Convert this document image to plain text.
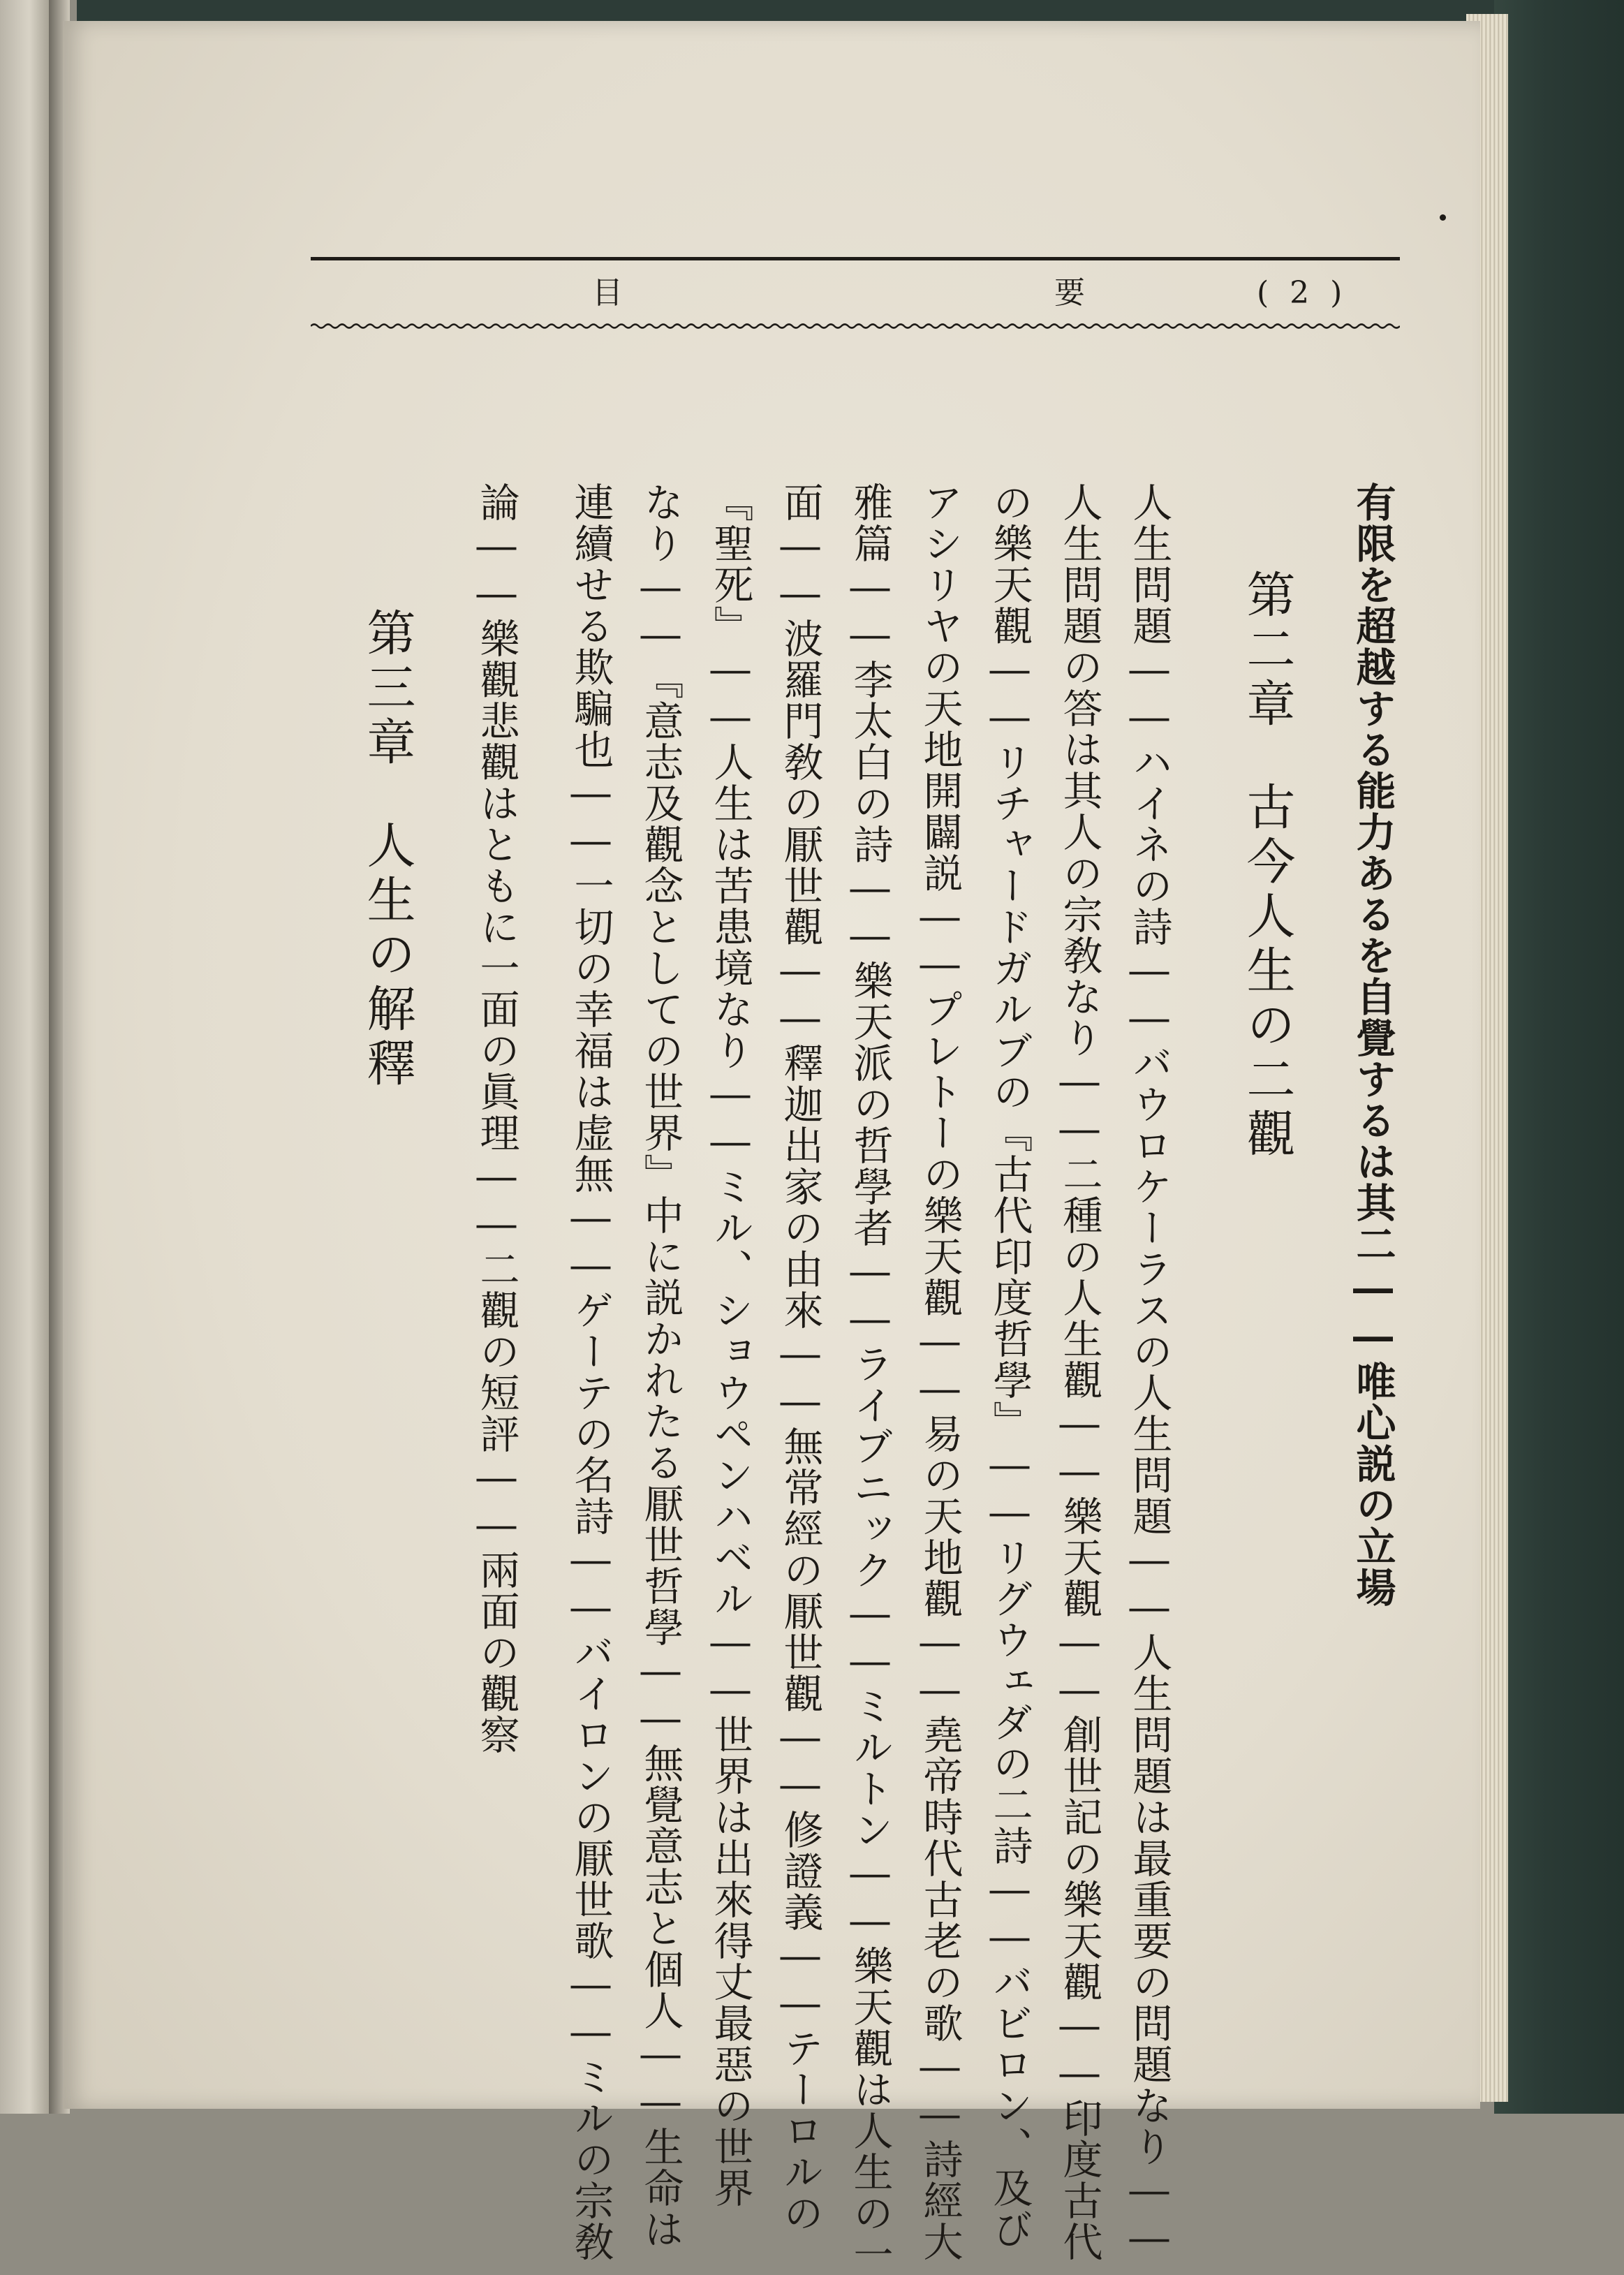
目	要	( 2 )
有限を超越する能力あるを自覺するは其二――唯心説の立場
第二章古今人生の二觀
人生問題――ハイネの詩――バウロケーラスの人生問題――人生問題は最重要の問題なり――
人生問題の答は其人の宗敎なり――二種の人生觀――樂天觀――創世記の樂天觀――印度古代
の樂天觀――リチャードガルブの『古代印度哲學』――リグウェダの二詩――バビロン、及び
アシリヤの天地開闢説――プレトーの樂天觀――易の天地觀――堯帝時代古老の歌――詩經大
雅篇――李太白の詩――樂天派の哲學者――ライブニック――ミルトン――樂天觀は人生の一
面――波羅門敎の厭世觀――釋迦出家の由來――無常經の厭世觀――修證義――テーロルの
『聖死』――人生は苦患境なり――ミル、ショウペンハベル――世界は出來得丈最惡の世界
なり――『意志及觀念としての世界』中に説かれたる厭世哲學――無覺意志と個人――生命は
連續せる欺騙也――一切の幸福は虚無――ゲーテの名詩――バイロンの厭世歌――ミルの宗敎
論――樂觀悲觀はともに一面の眞理――二觀の短評――兩面の觀察
第三章人生の解釋
